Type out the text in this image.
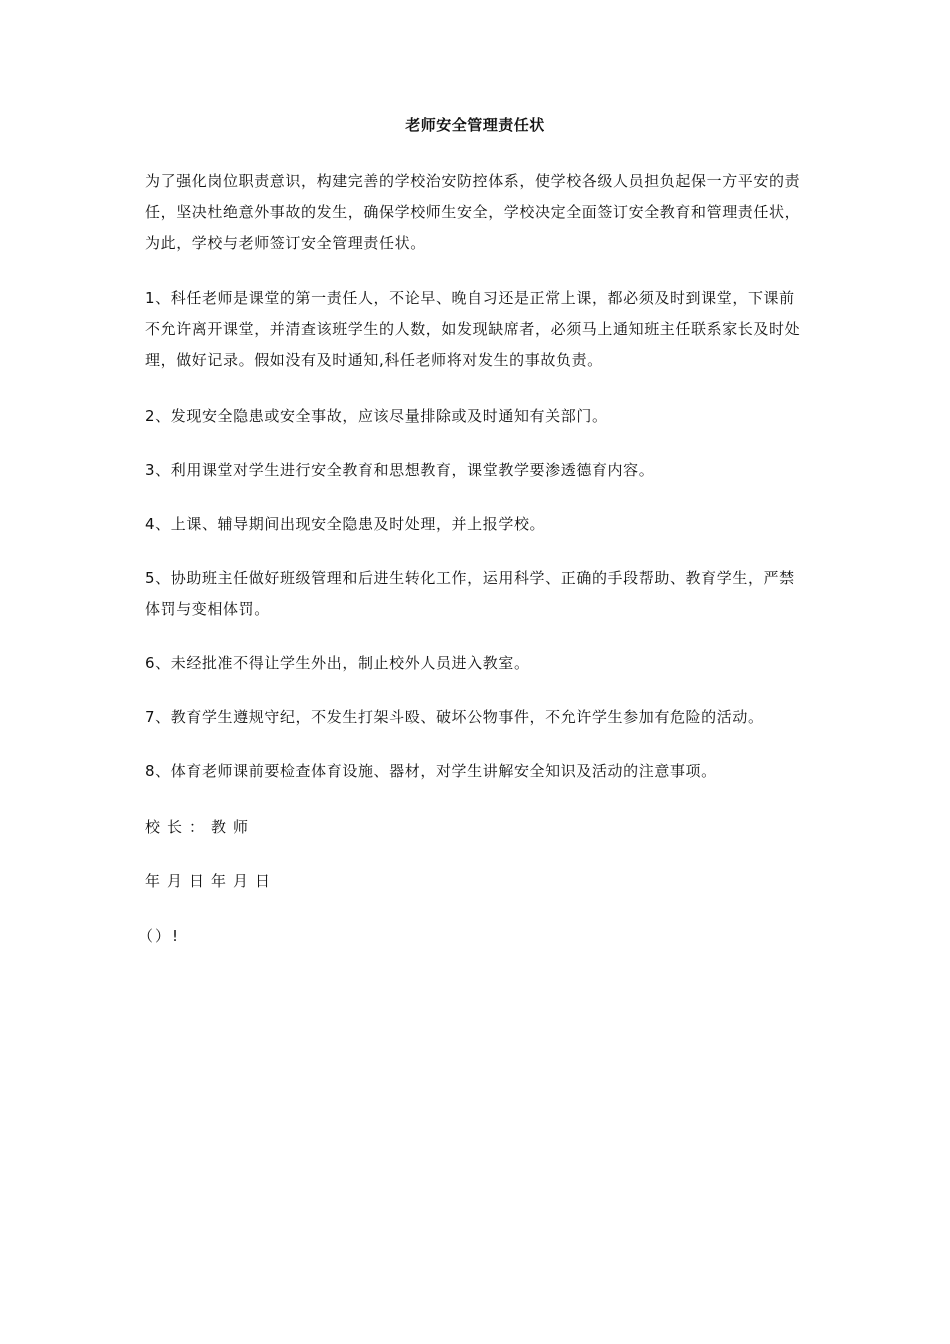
老师安全管理责任状

为了强化岗位职责意识，构建完善的学校治安防控体系，使学校各级人员担负起保一方平安的责任，坚决杜绝意外事故的发生，确保学校师生安全，学校决定全面签订安全教育和管理责任状，为此，学校与老师签订安全管理责任状。

1、科任老师是课堂的第一责任人，不论早、晚自习还是正常上课，都必须及时到课堂，下课前不允许离开课堂，并清查该班学生的人数，如发现缺席者，必须马上通知班主任联系家长及时处理，做好记录。假如没有及时通知,科任老师将对发生的事故负责。

2、发现安全隐患或安全事故，应该尽量排除或及时通知有关部门。

3、利用课堂对学生进行安全教育和思想教育，课堂教学要渗透德育内容。

4、上课、辅导期间出现安全隐患及时处理，并上报学校。

5、协助班主任做好班级管理和后进生转化工作，运用科学、正确的手段帮助、教育学生，严禁体罚与变相体罚。

6、未经批准不得让学生外出，制止校外人员进入教室。

7、教育学生遵规守纪，不发生打架斗殴、破坏公物事件，不允许学生参加有危险的活动。

8、体育老师课前要检查体育设施、器材，对学生讲解安全知识及活动的注意事项。

校长：教师
年月日年月日
（）!
